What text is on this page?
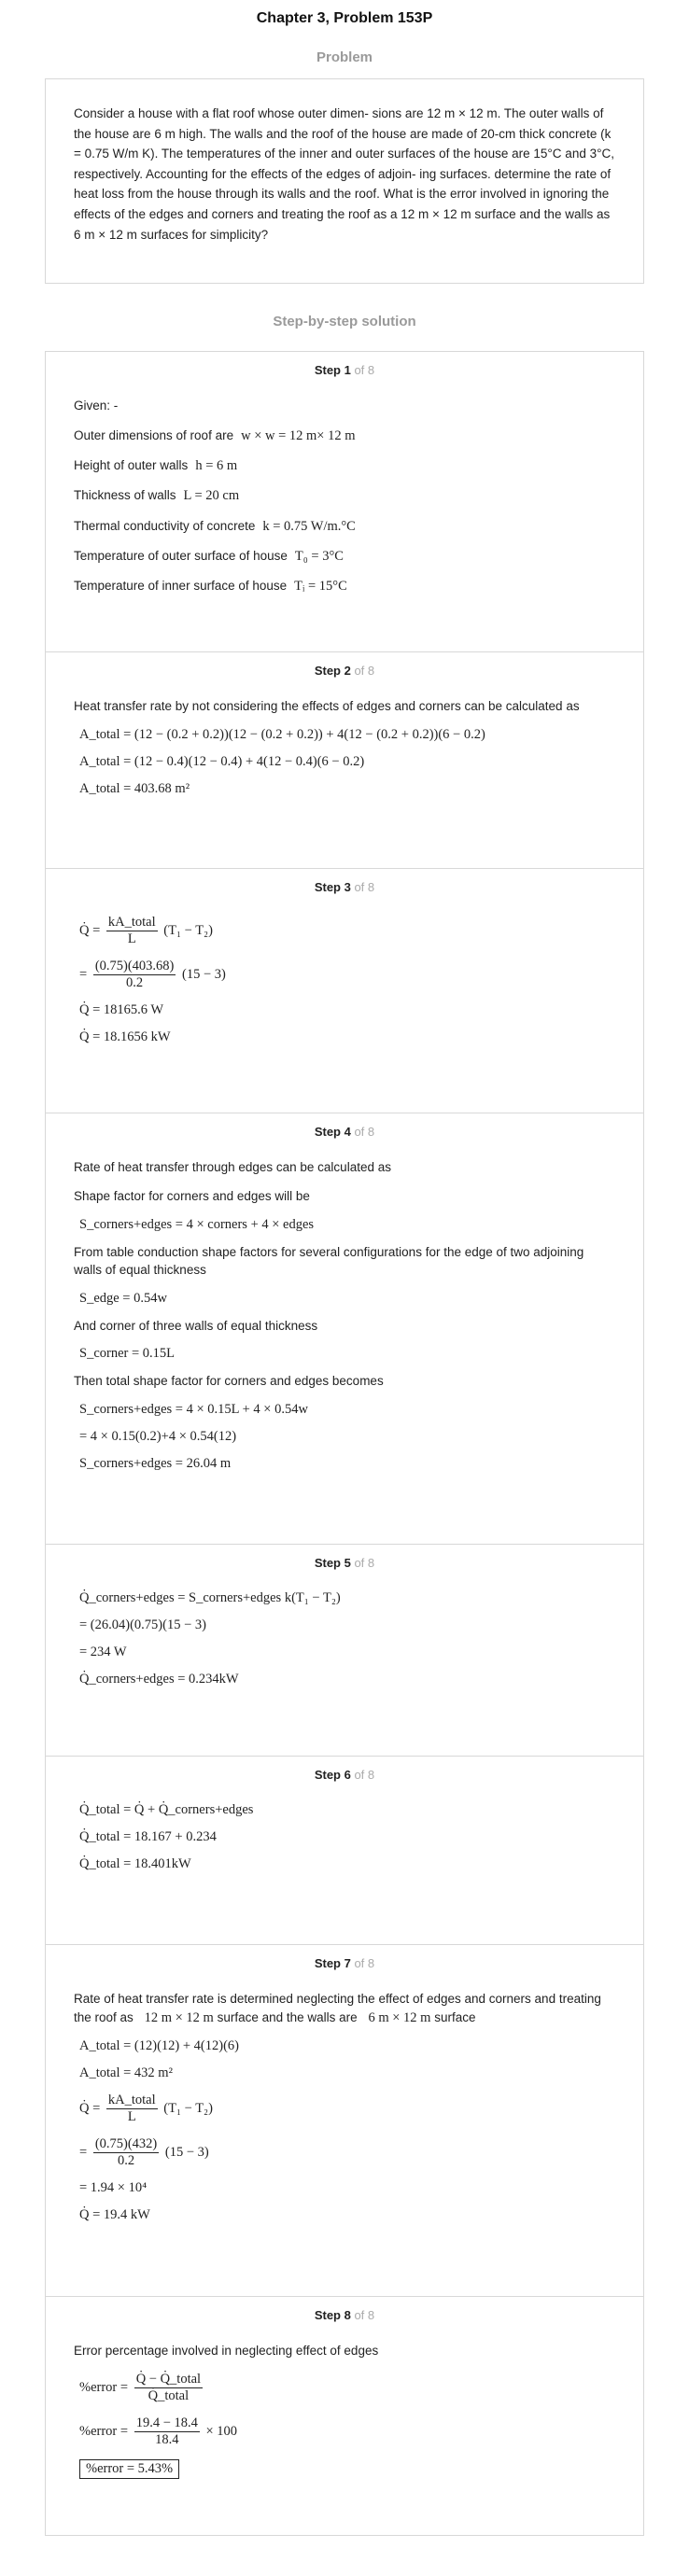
Chapter 3, Problem 153P
Problem
Consider a house with a flat roof whose outer dimen- sions are 12 m × 12 m. The outer walls of the house are 6 m high. The walls and the roof of the house are made of 20-cm thick concrete (k = 0.75 W/m K). The temperatures of the inner and outer surfaces of the house are 15°C and 3°C, respectively. Accounting for the effects of the edges of adjoin- ing surfaces. determine the rate of heat loss from the house through its walls and the roof. What is the error involved in ignoring the effects of the edges and corners and treating the roof as a 12 m × 12 m surface and the walls as 6 m × 12 m surfaces for simplicity?
Step-by-step solution
Step 1 of 8
Given: -
Outer dimensions of roof are w × w = 12 m× 12 m
Height of outer walls h = 6 m
Thickness of walls L = 20 cm
Thermal conductivity of concrete k = 0.75 W/m.°C
Temperature of outer surface of house T₀ = 3°C
Temperature of inner surface of house Tᵢ = 15°C
Step 2 of 8
Heat transfer rate by not considering the effects of edges and corners can be calculated as
A_total = (12 − (0.2 + 0.2))(12 − (0.2 + 0.2)) + 4(12 − (0.2 + 0.2))(6 − 0.2)
A_total = (12 − 0.4)(12 − 0.4) + 4(12 − 0.4)(6 − 0.2)
A_total = 403.68 m²
Step 3 of 8
Q̇ = $\frac{\text{kA\_total}}{L} (T_1 - T_2)$
= $\frac{(0.75)(403.68)}{0.2} (15 - 3)$
Q̇ = 18165.6 W
Q̇ = 18.1656 kW
Step 4 of 8
Rate of heat transfer through edges can be calculated as
Shape factor for corners and edges will be
S_corners+edges = 4 × corners + 4 × edges
From table conduction shape factors for several configurations for the edge of two adjoining walls of equal thickness
S_edge = 0.54w
And corner of three walls of equal thickness
S_corner = 0.15L
Then total shape factor for corners and edges becomes
S_corners+edges = 4 × 0.15L + 4 × 0.54w
= 4 × 0.15(0.2)+4 × 0.54(12)
S_corners+edges = 26.04 m
Step 5 of 8
Q̇_corners+edges = S_corners+edges k(T₁ − T₂)
= (26.04)(0.75)(15 − 3)
= 234 W
Q̇_corners+edges = 0.234kW
Step 6 of 8
Q̇_total = Q̇ + Q̇_corners+edges
Q̇_total = 18.167 + 0.234
Q̇_total = 18.401kW
Step 7 of 8
Rate of heat transfer rate is determined neglecting the effect of edges and corners and treating the roof as 12 m × 12 m surface and the walls are 6 m × 12 m surface
A_total = (12)(12) + 4(12)(6)
A_total = 432 m²
Q̇ = $\frac{\text{kA\_total}}{L} (T_1 - T_2)$
= $\frac{(0.75)(432)}{0.2} (15 - 3)$
= 1.94 × 10⁴
Q̇ = 19.4 kW
Step 8 of 8
Error percentage involved in neglecting effect of edges
%error = $\frac{\text{Q̇ − Q̇\_total}}{\text{Q̇\_total}}$
%error = $\frac{19.4 - 18.4}{18.4} \times 100$
%error = 5.43%
